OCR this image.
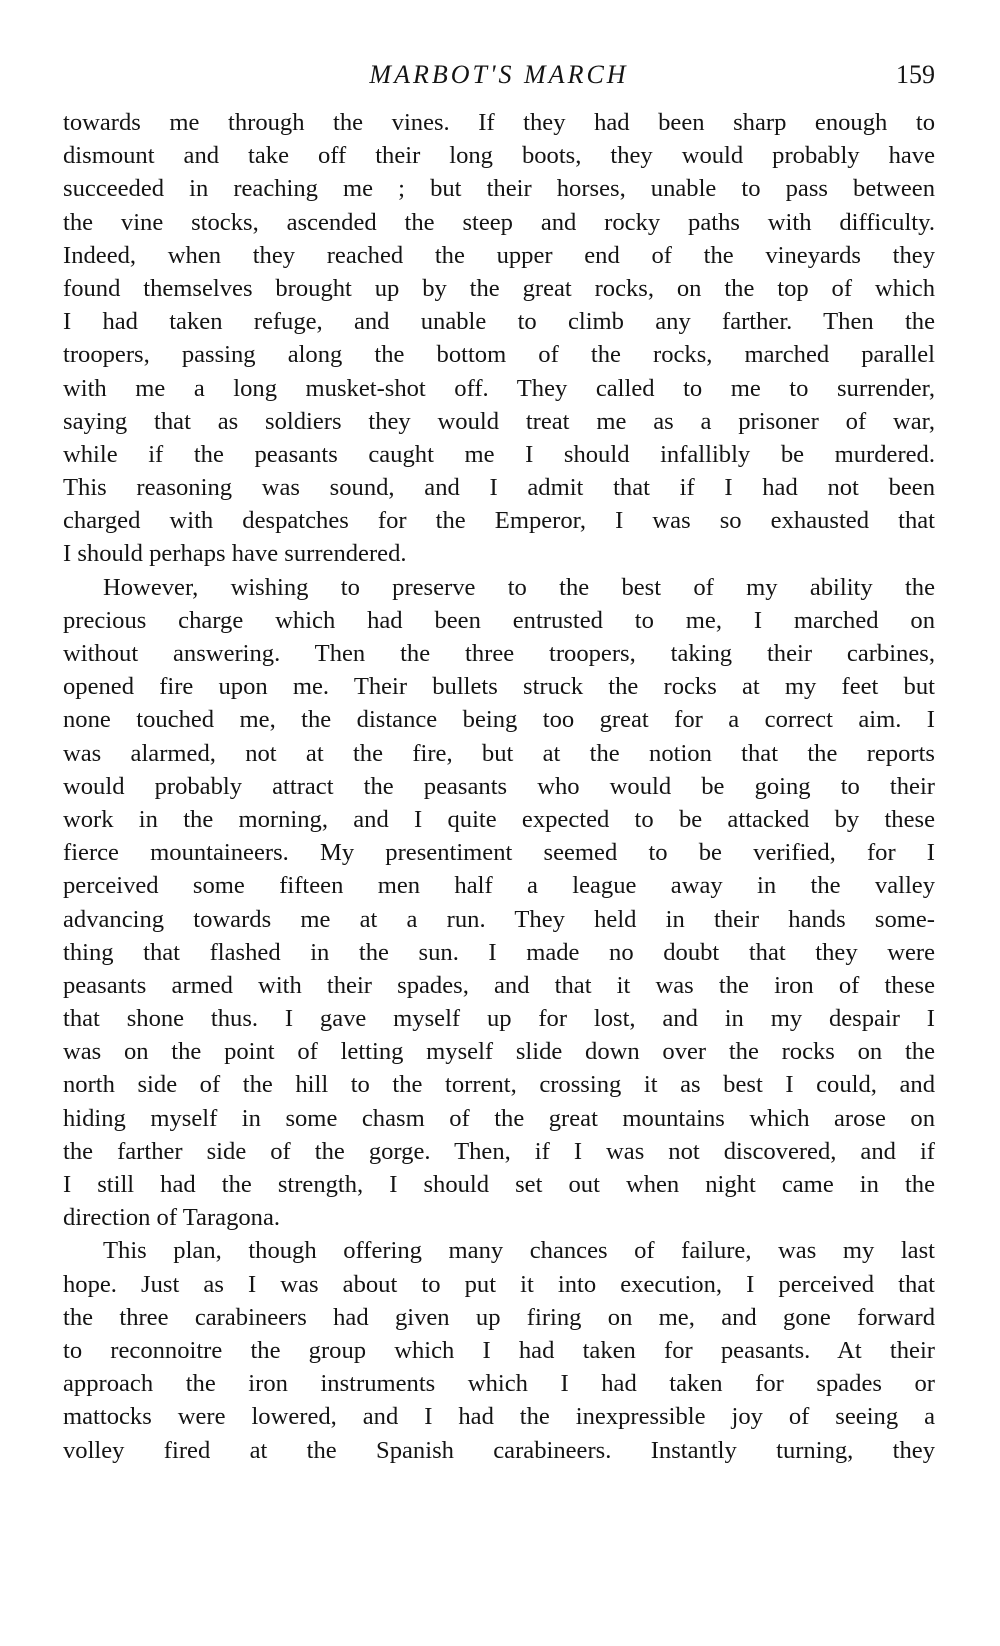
MARBOT'S MARCH	159
towards me through the vines. If they had been sharp enough to
dismount and take off their long boots, they would probably have
succeeded in reaching me ; but their horses, unable to pass between
the vine stocks, ascended the steep and rocky paths with difficulty.
Indeed, when they reached the upper end of the vineyards they
found themselves brought up by the great rocks, on the top of which
I had taken refuge, and unable to climb any farther. Then the
troopers, passing along the bottom of the rocks, marched parallel
with me a long musket-shot off. They called to me to surrender,
saying that as soldiers they would treat me as a prisoner of war,
while if the peasants caught me I should infallibly be murdered.
This reasoning was sound, and I admit that if I had not been
charged with despatches for the Emperor, I was so exhausted that
I should perhaps have surrendered.
However, wishing to preserve to the best of my ability the
precious charge which had been entrusted to me, I marched on
without answering. Then the three troopers, taking their carbines,
opened fire upon me. Their bullets struck the rocks at my feet but
none touched me, the distance being too great for a correct aim. I
was alarmed, not at the fire, but at the notion that the reports
would probably attract the peasants who would be going to their
work in the morning, and I quite expected to be attacked by these
fierce mountaineers. My presentiment seemed to be verified, for I
perceived some fifteen men half a league away in the valley
advancing towards me at a run. They held in their hands some-
thing that flashed in the sun. I made no doubt that they were
peasants armed with their spades, and that it was the iron of these
that shone thus. I gave myself up for lost, and in my despair I
was on the point of letting myself slide down over the rocks on the
north side of the hill to the torrent, crossing it as best I could, and
hiding myself in some chasm of the great mountains which arose on
the farther side of the gorge. Then, if I was not discovered, and if
I still had the strength, I should set out when night came in the
direction of Taragona.
This plan, though offering many chances of failure, was my last
hope. Just as I was about to put it into execution, I perceived that
the three carabineers had given up firing on me, and gone forward
to reconnoitre the group which I had taken for peasants. At their
approach the iron instruments which I had taken for spades or
mattocks were lowered, and I had the inexpressible joy of seeing a
volley fired at the Spanish carabineers. Instantly turning, they
